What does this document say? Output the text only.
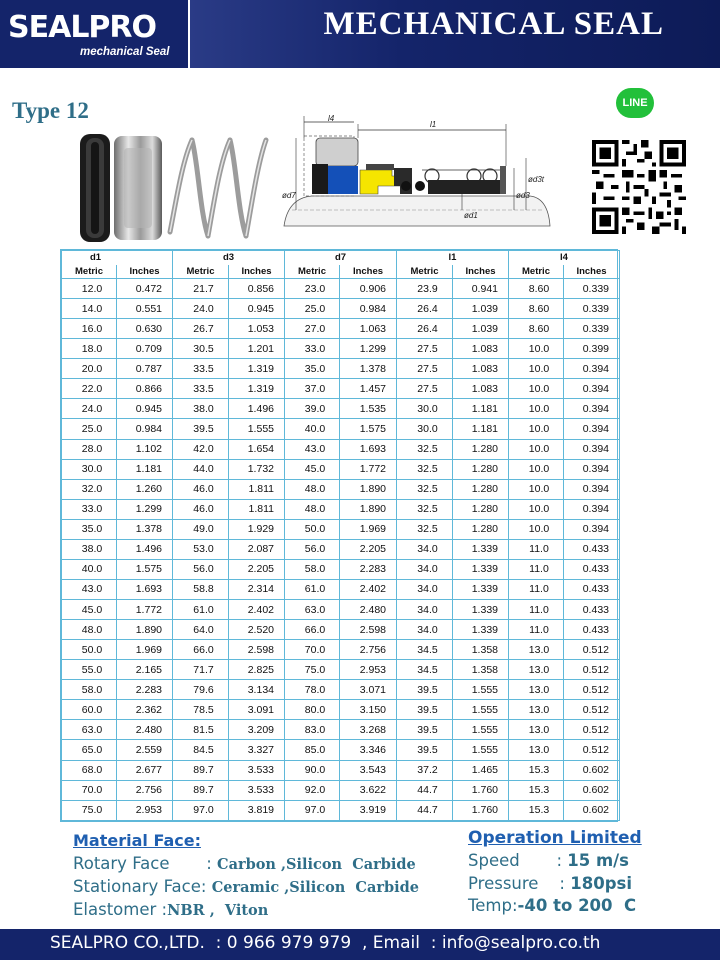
SEALPRO
mechanical Seal
MECHANICAL SEAL
Type 12	l4
l1
ød7
ød3t
ød3
ød1
LINE
d1		d3		d7		l1		l4	
Metric	Inches	Metric	Inches	Metric	Inches	Metric	Inches	Metric	Inches
12.0	0.472	21.7	0.856	23.0	0.906	23.9	0.941	8.60	0.339
14.0	0.551	24.0	0.945	25.0	0.984	26.4	1.039	8.60	0.339
16.0	0.630	26.7	1.053	27.0	1.063	26.4	1.039	8.60	0.339
18.0	0.709	30.5	1.201	33.0	1.299	27.5	1.083	10.0	0.399
20.0	0.787	33.5	1.319	35.0	1.378	27.5	1.083	10.0	0.394
22.0	0.866	33.5	1.319	37.0	1.457	27.5	1.083	10.0	0.394
24.0	0.945	38.0	1.496	39.0	1.535	30.0	1.181	10.0	0.394
25.0	0.984	39.5	1.555	40.0	1.575	30.0	1.181	10.0	0.394
28.0	1.102	42.0	1.654	43.0	1.693	32.5	1.280	10.0	0.394
30.0	1.181	44.0	1.732	45.0	1.772	32.5	1.280	10.0	0.394
32.0	1.260	46.0	1.811	48.0	1.890	32.5	1.280	10.0	0.394
33.0	1.299	46.0	1.811	48.0	1.890	32.5	1.280	10.0	0.394
35.0	1.378	49.0	1.929	50.0	1.969	32.5	1.280	10.0	0.394
38.0	1.496	53.0	2.087	56.0	2.205	34.0	1.339	11.0	0.433
40.0	1.575	56.0	2.205	58.0	2.283	34.0	1.339	11.0	0.433
43.0	1.693	58.8	2.314	61.0	2.402	34.0	1.339	11.0	0.433
45.0	1.772	61.0	2.402	63.0	2.480	34.0	1.339	11.0	0.433
48.0	1.890	64.0	2.520	66.0	2.598	34.0	1.339	11.0	0.433
50.0	1.969	66.0	2.598	70.0	2.756	34.5	1.358	13.0	0.512
55.0	2.165	71.7	2.825	75.0	2.953	34.5	1.358	13.0	0.512
58.0	2.283	79.6	3.134	78.0	3.071	39.5	1.555	13.0	0.512
60.0	2.362	78.5	3.091	80.0	3.150	39.5	1.555	13.0	0.512
63.0	2.480	81.5	3.209	83.0	3.268	39.5	1.555	13.0	0.512
65.0	2.559	84.5	3.327	85.0	3.346	39.5	1.555	13.0	0.512
68.0	2.677	89.7	3.533	90.0	3.543	37.2	1.465	15.3	0.602
70.0	2.756	89.7	3.533	92.0	3.622	44.7	1.760	15.3	0.602
75.0	2.953	97.0	3.819	97.0	3.919	44.7	1.760	15.3	0.602
Material Face:
Rotary Face       : Carbon ,Silicon  Carbide
Stationary Face: Ceramic ,Silicon  Carbide
Elastomer :NBR ,  Viton
Operation Limited
Speed       : 15 m/s
Pressure    : 180psi
Temp:-40 to 200  C
SEALPRO CO.,LTD.  : 0 966 979 979  , Email  : info@sealpro.co.th
